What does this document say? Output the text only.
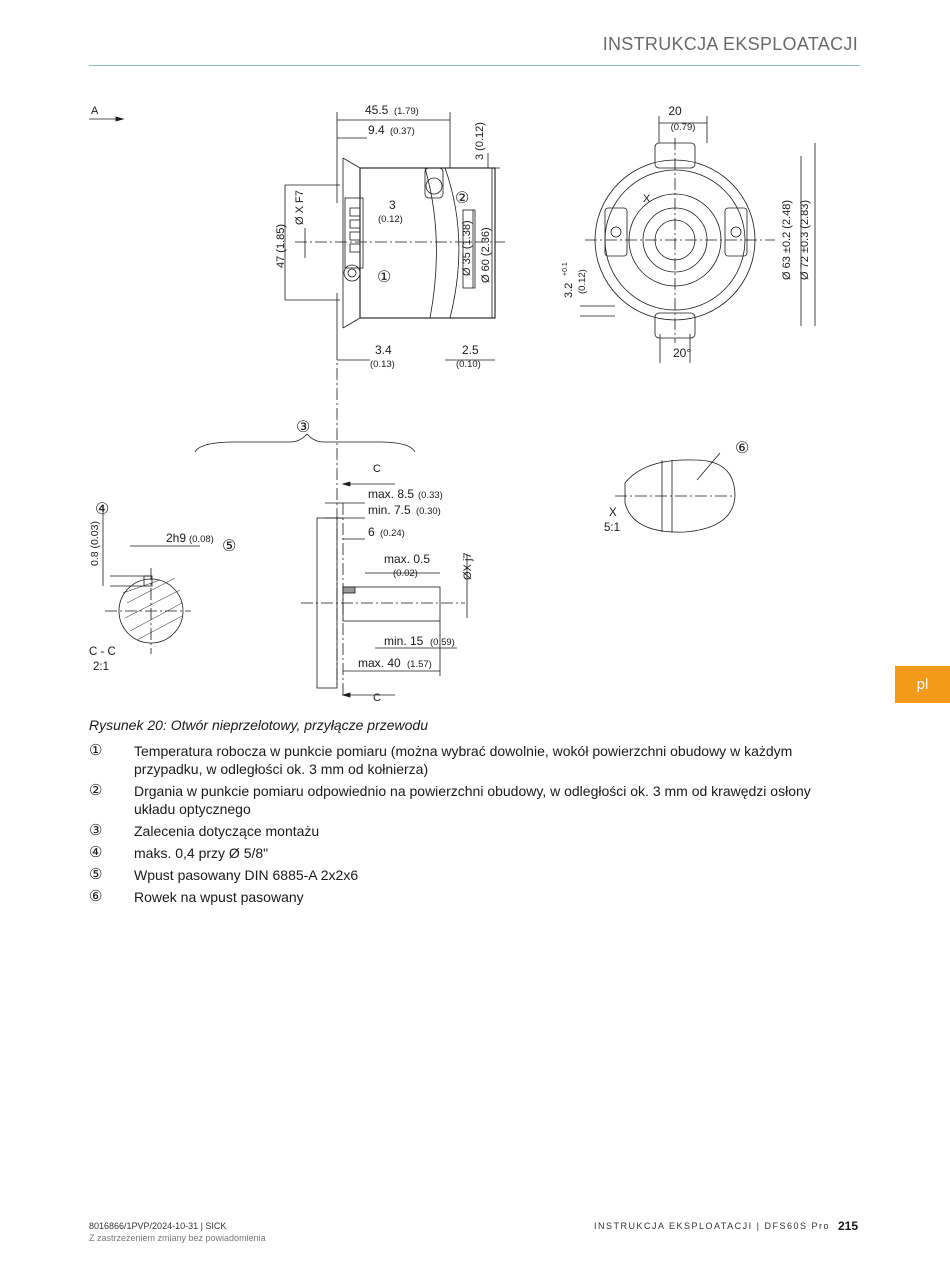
INSTRUKCJA EKSPLOATACJI
A	45.5 (1.79)
9.4 (0.37)	3 (0.12)
Ø X F7
47 (1.85)
3
(0.12)
Ø 35 (1.38) Ø 60 (2.36)
3.4
(0.13)
2.5
(0.10)
20
(0.79)
X
3.2
+0.1
(0.12)
Ø 63 ±0.2 (2.48) Ø 72 ±0.3 (2.83)
20°
③
②
①
⑥
④
⑤
C
C
max. 8.5 (0.33)
min. 7.5 (0.30)
6 (0.24)
max. 0.5
(0.02)	ØX j7
min. 15 (0.59)
max. 40 (1.57)
0.8 (0.03)	2h9 (0.08)
C - C
2:1
X
5:1
Rysunek 20: Otwór nieprzelotowy, przyłącze przewodu
①	Temperatura robocza w punkcie pomiaru (można wybrać dowolnie, wokół powierzchni obudowy w każdym przypadku, w odległości ok. 3 mm od kołnierza)
②	Drgania w punkcie pomiaru odpowiednio na powierzchni obudowy, w odległości ok. 3 mm od krawędzi osłony układu optycznego
③	Zalecenia dotyczące montażu
④	maks. 0,4 przy Ø 5/8"
⑤	Wpust pasowany DIN 6885-A 2x2x6
⑥	Rowek na wpust pasowany
pl
8016866/1PVP/2024-10-31 | SICK
Z zastrzeżeniem zmiany bez powiadomienia
INSTRUKCJA EKSPLOATACJI | DFS60S Pro 215
